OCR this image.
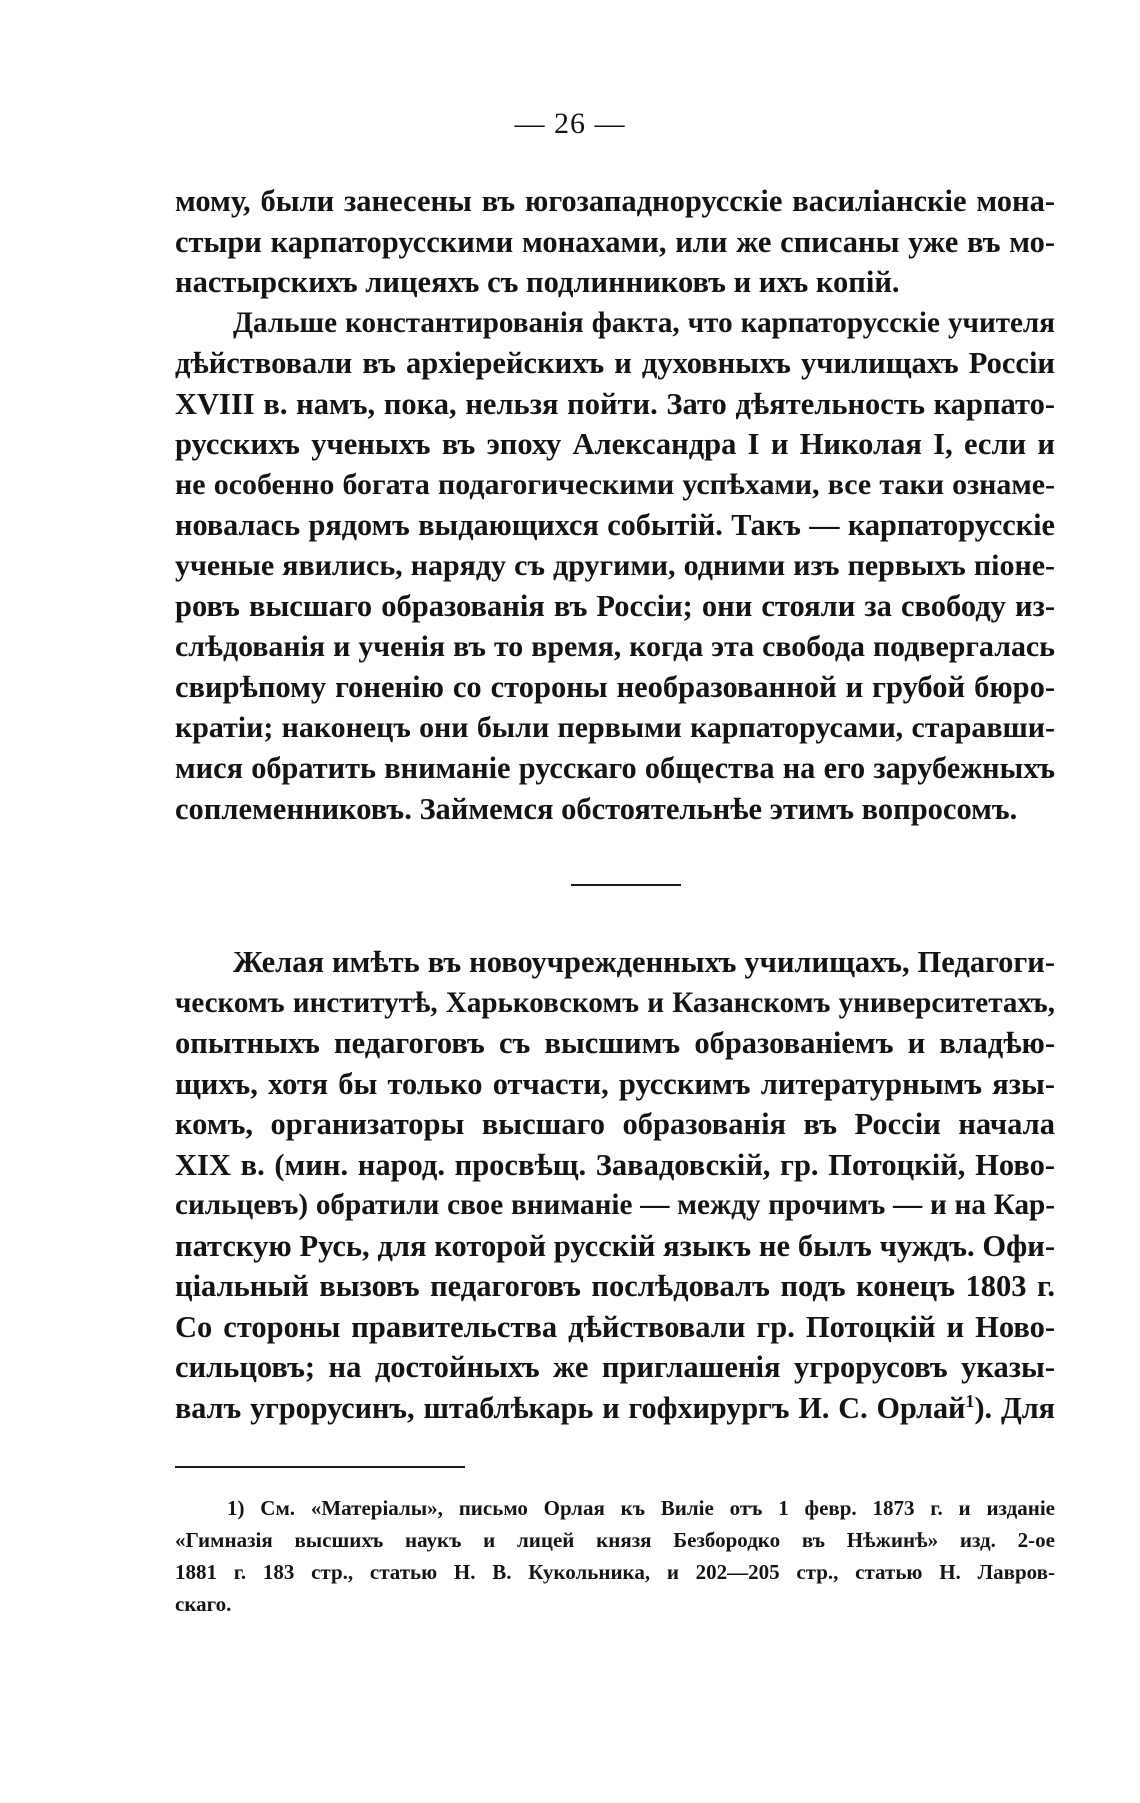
— 26 —
мому, были занесены въ югозападнорусскіе василіанскіе мона-
стыри карпаторусскими монахами, или же списаны уже въ мо-
настырскихъ лицеяхъ съ подлинниковъ и ихъ копій.
Дальше константированія факта, что карпаторусскіе учителя
дѣйствовали въ архіерейскихъ и духовныхъ училищахъ Россіи
XVIII в. намъ, пока, нельзя пойти. Зато дѣятельность карпато-
русскихъ ученыхъ въ эпоху Александра I и Николая I, если и
не особенно богата подагогическими успѣхами, все таки ознаме-
новалась рядомъ выдающихся событій. Такъ — карпаторусскіе
ученые явились, наряду съ другими, одними изъ первыхъ піоне-
ровъ высшаго образованія въ Россіи; они стояли за свободу из-
слѣдованія и ученія въ то время, когда эта свобода подвергалась
свирѣпому гоненію со стороны необразованной и грубой бюро-
кратіи; наконецъ они были первыми карпаторусами, старавши-
мися обратить вниманіе русскаго общества на его зарубежныхъ
соплеменниковъ. Займемся обстоятельнѣе этимъ вопросомъ.
Желая имѣть въ новоучрежденныхъ училищахъ, Педагоги-
ческомъ институтѣ, Харьковскомъ и Казанскомъ университетахъ,
опытныхъ педагоговъ съ высшимъ образованіемъ и владѣю-
щихъ, хотя бы только отчасти, русскимъ литературнымъ язы-
комъ, организаторы высшаго образованія въ Россіи начала
XIX в. (мин. народ. просвѣщ. Завадовскій, гр. Потоцкій, Ново-
сильцевъ) обратили свое вниманіе — между прочимъ — и на Кар-
патскую Русь, для которой русскій языкъ не былъ чуждъ. Офи-
ціальный вызовъ педагоговъ послѣдовалъ подъ конецъ 1803 г.
Со стороны правительства дѣйствовали гр. Потоцкій и Ново-
сильцовъ; на достойныхъ же приглашенія угрорусовъ указы-
валъ угрорусинъ, штаблѣкарь и гофхирургъ И. С. Орлай$^1$). Для
1) См. «Матеріалы», письмо Орлая къ Виліе отъ 1 февр. 1873 г. и изданіе
«Гимназія высшихъ наукъ и лицей князя Безбородко въ Нѣжинѣ» изд. 2-ое
1881 г. 183 стр., статью Н. В. Кукольника, и 202—205 стр., статью Н. Лавров-
скаго.
